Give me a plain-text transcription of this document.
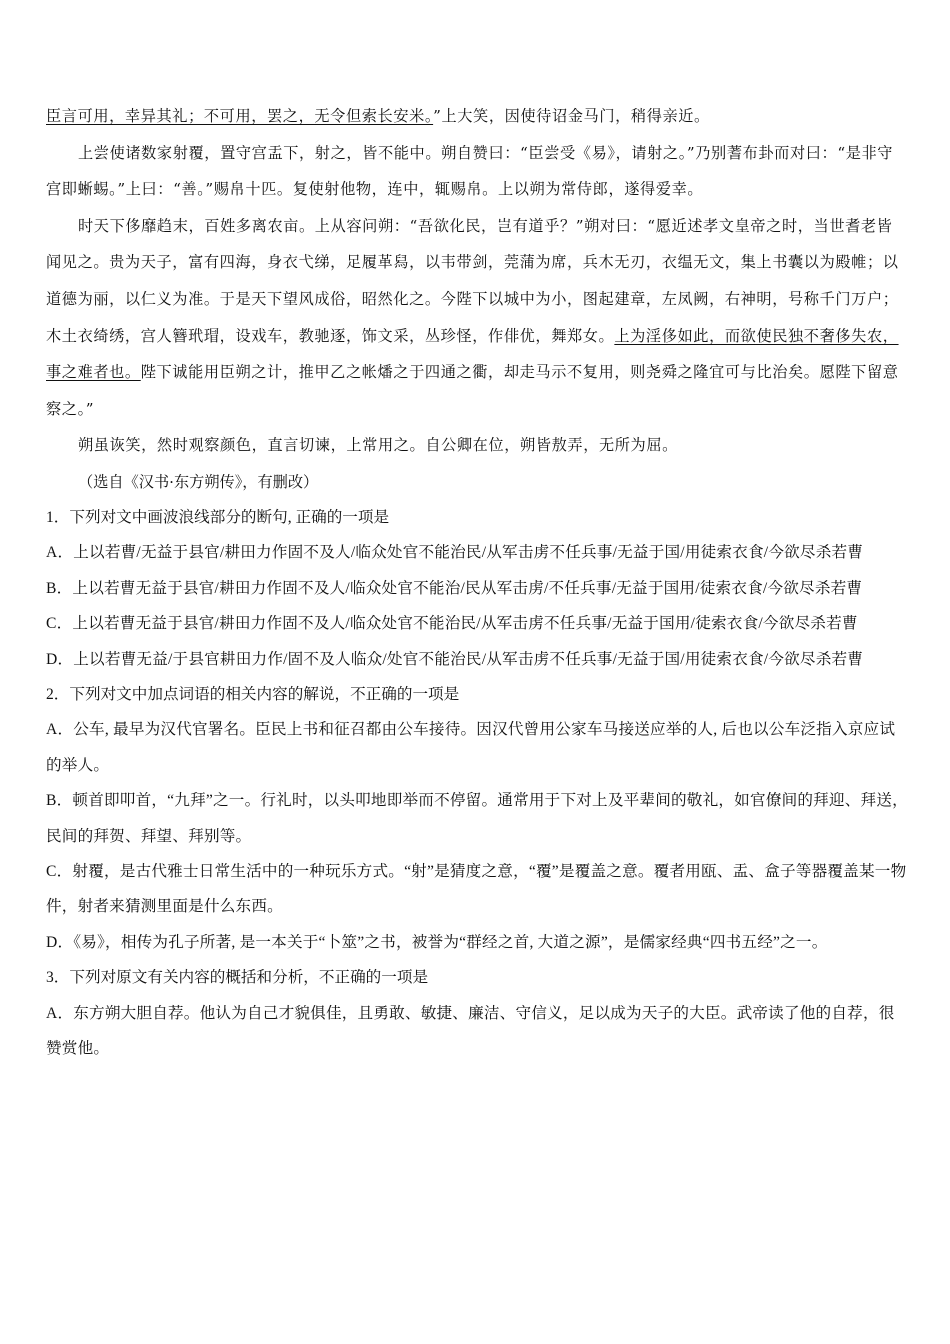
臣言可用，幸异其礼；不可用，罢之，无令但索长安米。”上大笑，因使待诏金马门，稍得亲近。

上尝使诸数家射覆，置守宫盂下，射之，皆不能中。朔自赞曰：“臣尝受《易》，请射之。”乃别蓍布卦而对曰：“是非守宫即蜥蜴。”上曰：“善。”赐帛十匹。复使射他物，连中，辄赐帛。上以朔为常侍郎，遂得爱幸。

时天下侈靡趋末，百姓多离农亩。上从容问朔：“吾欲化民，岂有道乎？”朔对曰：“愿近述孝文皇帝之时，当世耆老皆闻见之。贵为天子，富有四海，身衣弋绨，足履革舄，以韦带剑，莞蒲为席，兵木无刃，衣缊无文，集上书囊以为殿帷；以道德为丽，以仁义为准。于是天下望风成俗，昭然化之。今陛下以城中为小，图起建章，左凤阙，右神明，号称千门万户；木土衣绮绣，宫人簪玳瑁，设戏车，教驰逐，饰文采，丛珍怪，作俳优，舞郑女。上为淫侈如此，而欲使民独不奢侈失农，事之难者也。陛下诚能用臣朔之计，推甲乙之帐燔之于四通之衢，却走马示不复用，则尧舜之隆宜可与比治矣。愿陛下留意察之。”

朔虽诙笑，然时观察颜色，直言切谏，上常用之。自公卿在位，朔皆敖弄，无所为屈。

（选自《汉书·东方朔传》，有删改）

1．下列对文中画波浪线部分的断句, 正确的一项是

A．上以若曹/无益于县官/耕田力作固不及人/临众处官不能治民/从军击虏不任兵事/无益于国/用徒索衣食/今欲尽杀若曹

B．上以若曹无益于县官/耕田力作固不及人/临众处官不能治/民从军击虏/不任兵事/无益于国用/徒索衣食/今欲尽杀若曹

C．上以若曹无益于县官/耕田力作固不及人/临众处官不能治民/从军击虏不任兵事/无益于国用/徒索衣食/今欲尽杀若曹

D．上以若曹无益/于县官耕田力作/固不及人临众/处官不能治民/从军击虏不任兵事/无益于国/用徒索衣食/今欲尽杀若曹

2．下列对文中加点词语的相关内容的解说，不正确的一项是

A．公车, 最早为汉代官署名。臣民上书和征召都由公车接待。因汉代曾用公家车马接送应举的人, 后也以公车泛指入京应试的举人。

B．顿首即叩首，“九拜”之一。行礼时，以头叩地即举而不停留。通常用于下对上及平辈间的敬礼，如官僚间的拜迎、拜送，民间的拜贺、拜望、拜别等。

C．射覆，是古代雅士日常生活中的一种玩乐方式。“射”是猜度之意，“覆”是覆盖之意。覆者用瓯、盂、盒子等器覆盖某一物件，射者来猜测里面是什么东西。

D．《易》，相传为孔子所著, 是一本关于“卜筮”之书，被誉为“群经之首, 大道之源”，是儒家经典“四书五经”之一。

3．下列对原文有关内容的概括和分析，不正确的一项是

A．东方朔大胆自荐。他认为自己才貌俱佳，且勇敢、敏捷、廉洁、守信义，足以成为天子的大臣。武帝读了他的自荐，很赞赏他。
